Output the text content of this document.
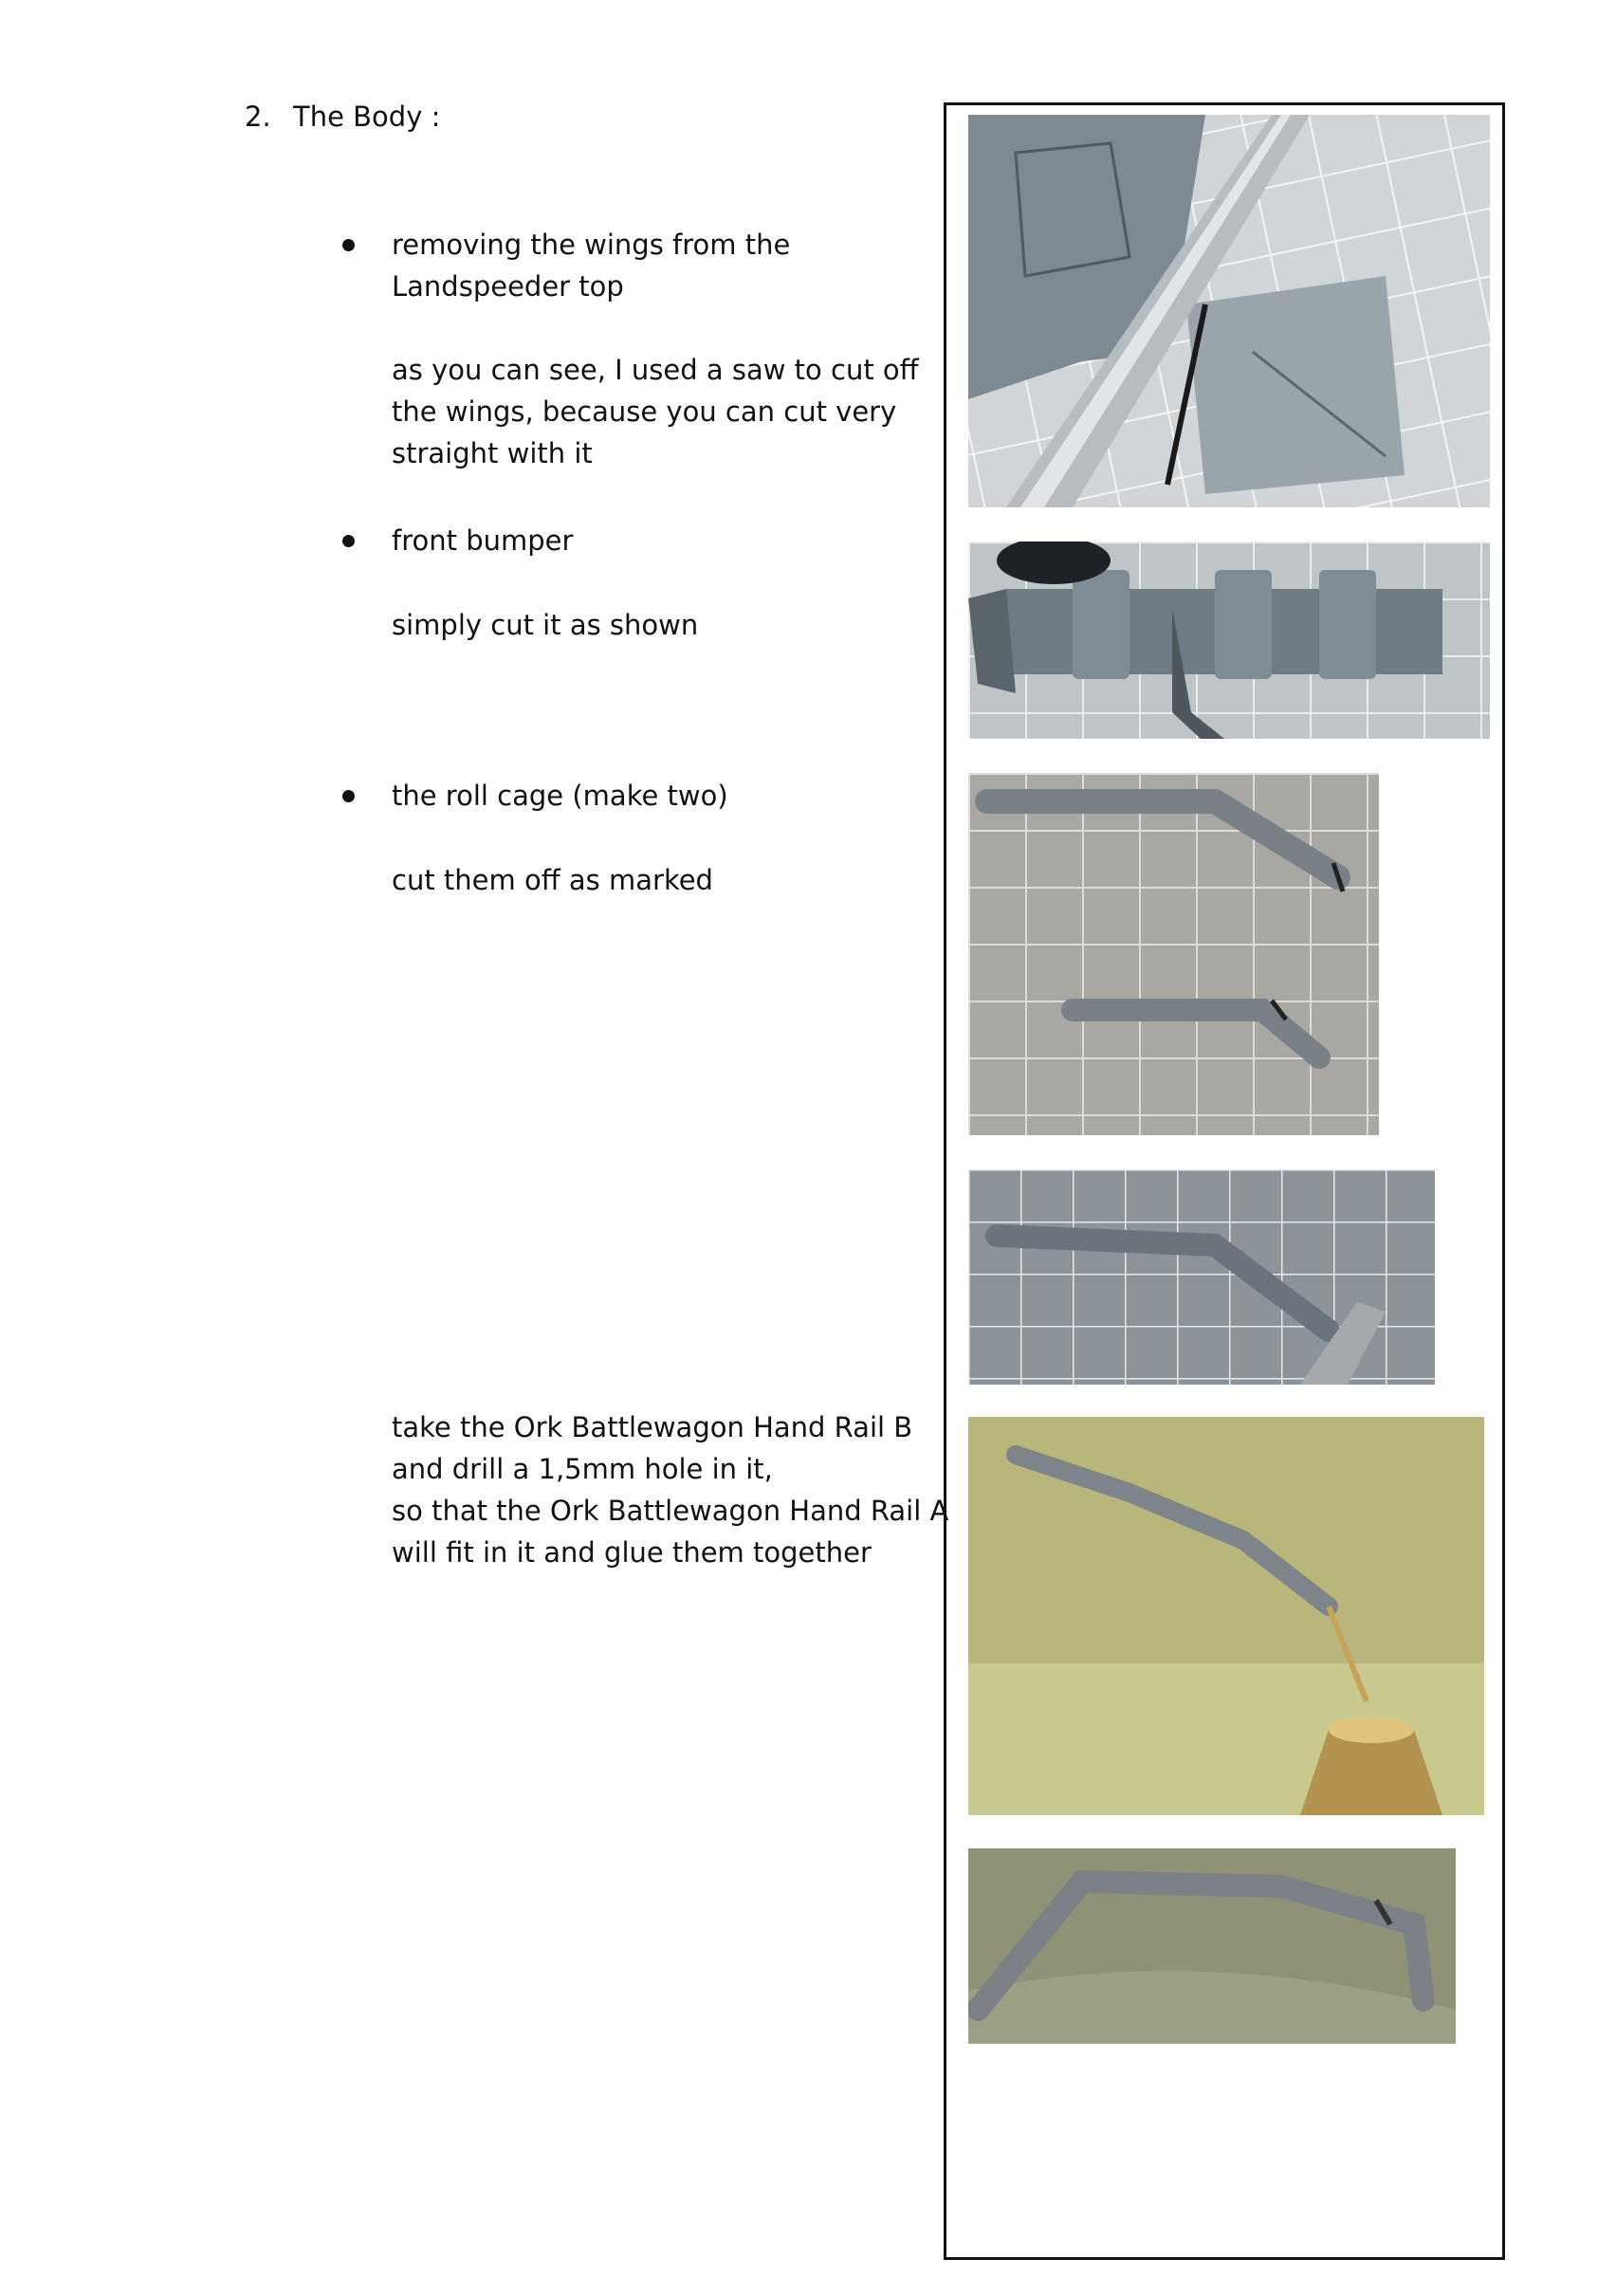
2. The Body :
removing the wings from the
Landspeeder top
as you can see, I used a saw to cut off
the wings, because you can cut very
straight with it
front bumper
simply cut it as shown
the roll cage (make two)
cut them off as marked
take the Ork Battlewagon Hand Rail B
and drill a 1,5mm hole in it,
so that the Ork Battlewagon Hand Rail A
will fit in it and glue them together
